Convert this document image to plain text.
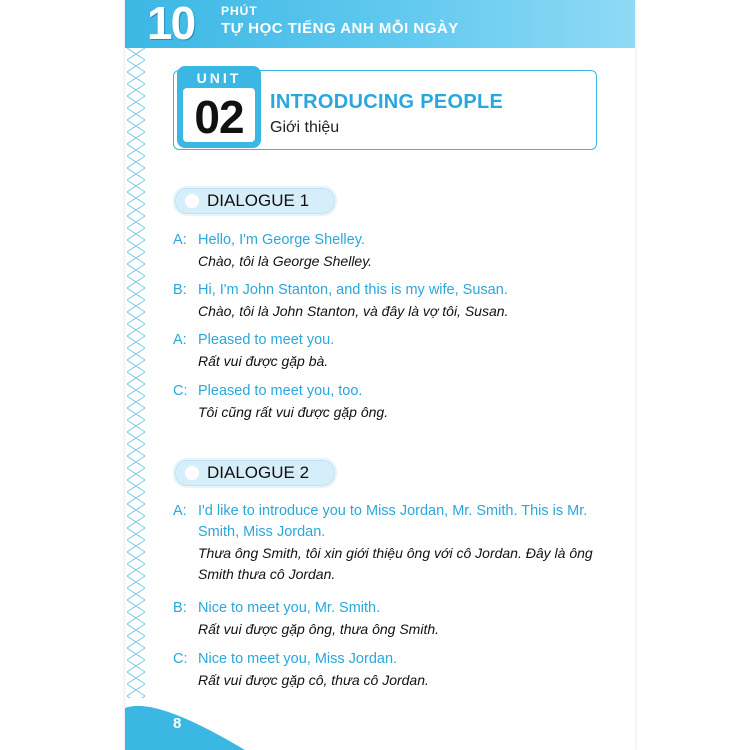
10 PHÚT
TỰ HỌC TIẾNG ANH MỖI NGÀY
UNIT
02	INTRODUCING PEOPLE
Giới thiệu
DIALOGUE 1
A: Hello, I'm George Shelley.
Chào, tôi là George Shelley.
B: Hi, I'm John Stanton, and this is my wife, Susan.
Chào, tôi là John Stanton, và đây là vợ tôi, Susan.
A: Pleased to meet you.
Rất vui được gặp bà.
C: Pleased to meet you, too.
Tôi cũng rất vui được gặp ông.
DIALOGUE 2
A: I'd like to introduce you to Miss Jordan, Mr. Smith. This is Mr.
Smith, Miss Jordan.
Thưa ông Smith, tôi xin giới thiệu ông với cô Jordan. Đây là ông
Smith thưa cô Jordan.
B: Nice to meet you, Mr. Smith.
Rất vui được gặp ông, thưa ông Smith.
C: Nice to meet you, Miss Jordan.
Rất vui được gặp cô, thưa cô Jordan.
8
